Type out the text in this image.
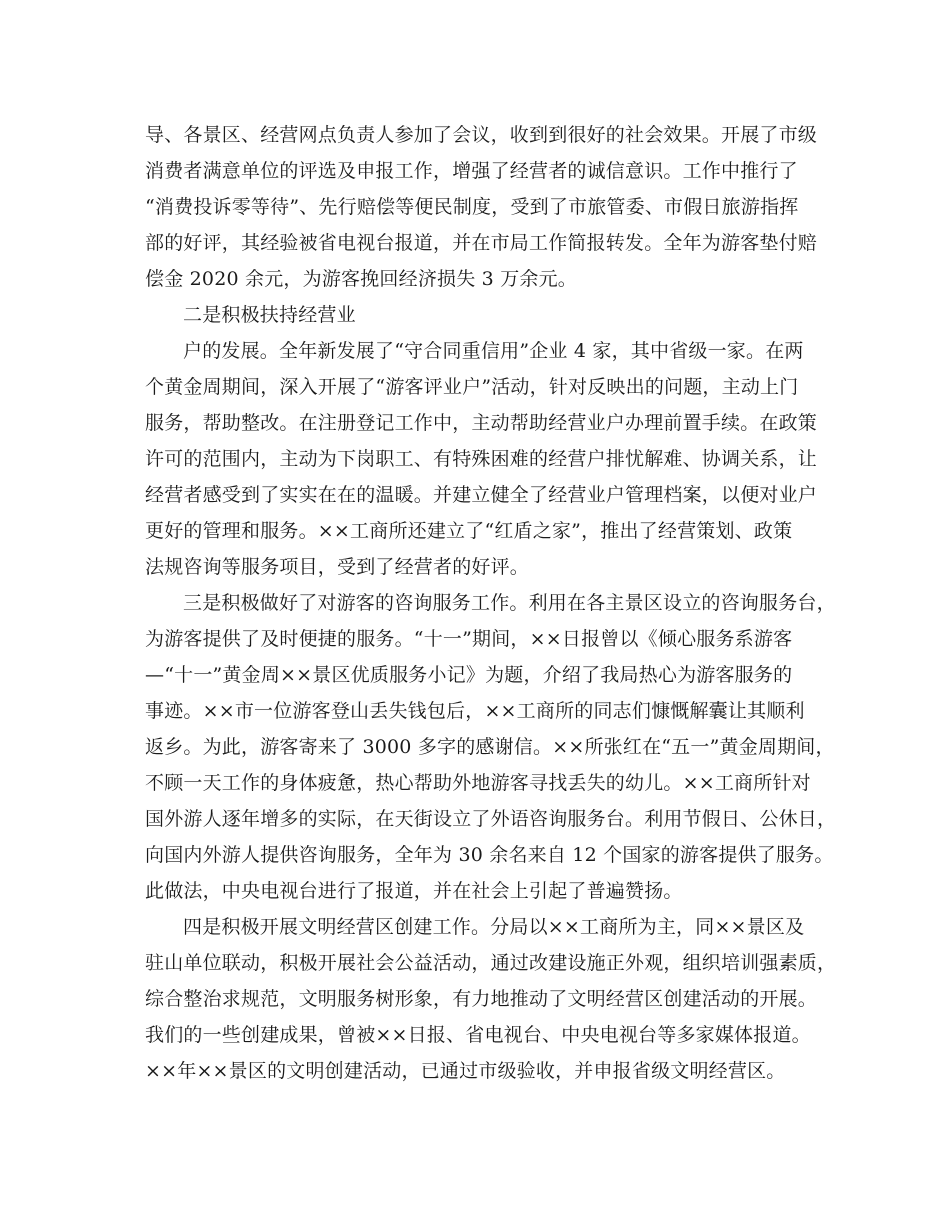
导、各景区、经营网点负责人参加了会议，收到到很好的社会效果。开展了市级
消费者满意单位的评选及申报工作，增强了经营者的诚信意识。工作中推行了
“消费投诉零等待”、先行赔偿等便民制度，受到了市旅管委、市假日旅游指挥
部的好评，其经验被省电视台报道，并在市局工作简报转发。全年为游客垫付赔
偿金 2020 余元，为游客挽回经济损失 3 万余元。
二是积极扶持经营业
户的发展。全年新发展了“守合同重信用”企业 4 家，其中省级一家。在两
个黄金周期间，深入开展了“游客评业户”活动，针对反映出的问题，主动上门
服务，帮助整改。在注册登记工作中，主动帮助经营业户办理前置手续。在政策
许可的范围内，主动为下岗职工、有特殊困难的经营户排忧解难、协调关系，让
经营者感受到了实实在在的温暖。并建立健全了经营业户管理档案，以便对业户
更好的管理和服务。××工商所还建立了“红盾之家”，推出了经营策划、政策
法规咨询等服务项目，受到了经营者的好评。
三是积极做好了对游客的咨询服务工作。利用在各主景区设立的咨询服务台，
为游客提供了及时便捷的服务。“十一”期间，××日报曾以《倾心服务系游客
—“十一”黄金周××景区优质服务小记》为题，介绍了我局热心为游客服务的
事迹。××市一位游客登山丢失钱包后，××工商所的同志们慷慨解囊让其顺利
返乡。为此，游客寄来了 3000 多字的感谢信。××所张红在“五一”黄金周期间，
不顾一天工作的身体疲惫，热心帮助外地游客寻找丢失的幼儿。××工商所针对
国外游人逐年增多的实际，在天街设立了外语咨询服务台。利用节假日、公休日，
向国内外游人提供咨询服务，全年为 30 余名来自 12 个国家的游客提供了服务。
此做法，中央电视台进行了报道，并在社会上引起了普遍赞扬。
四是积极开展文明经营区创建工作。分局以××工商所为主，同××景区及
驻山单位联动，积极开展社会公益活动，通过改建设施正外观，组织培训强素质，
综合整治求规范，文明服务树形象，有力地推动了文明经营区创建活动的开展。
我们的一些创建成果，曾被××日报、省电视台、中央电视台等多家媒体报道。
××年××景区的文明创建活动，已通过市级验收，并申报省级文明经营区。
